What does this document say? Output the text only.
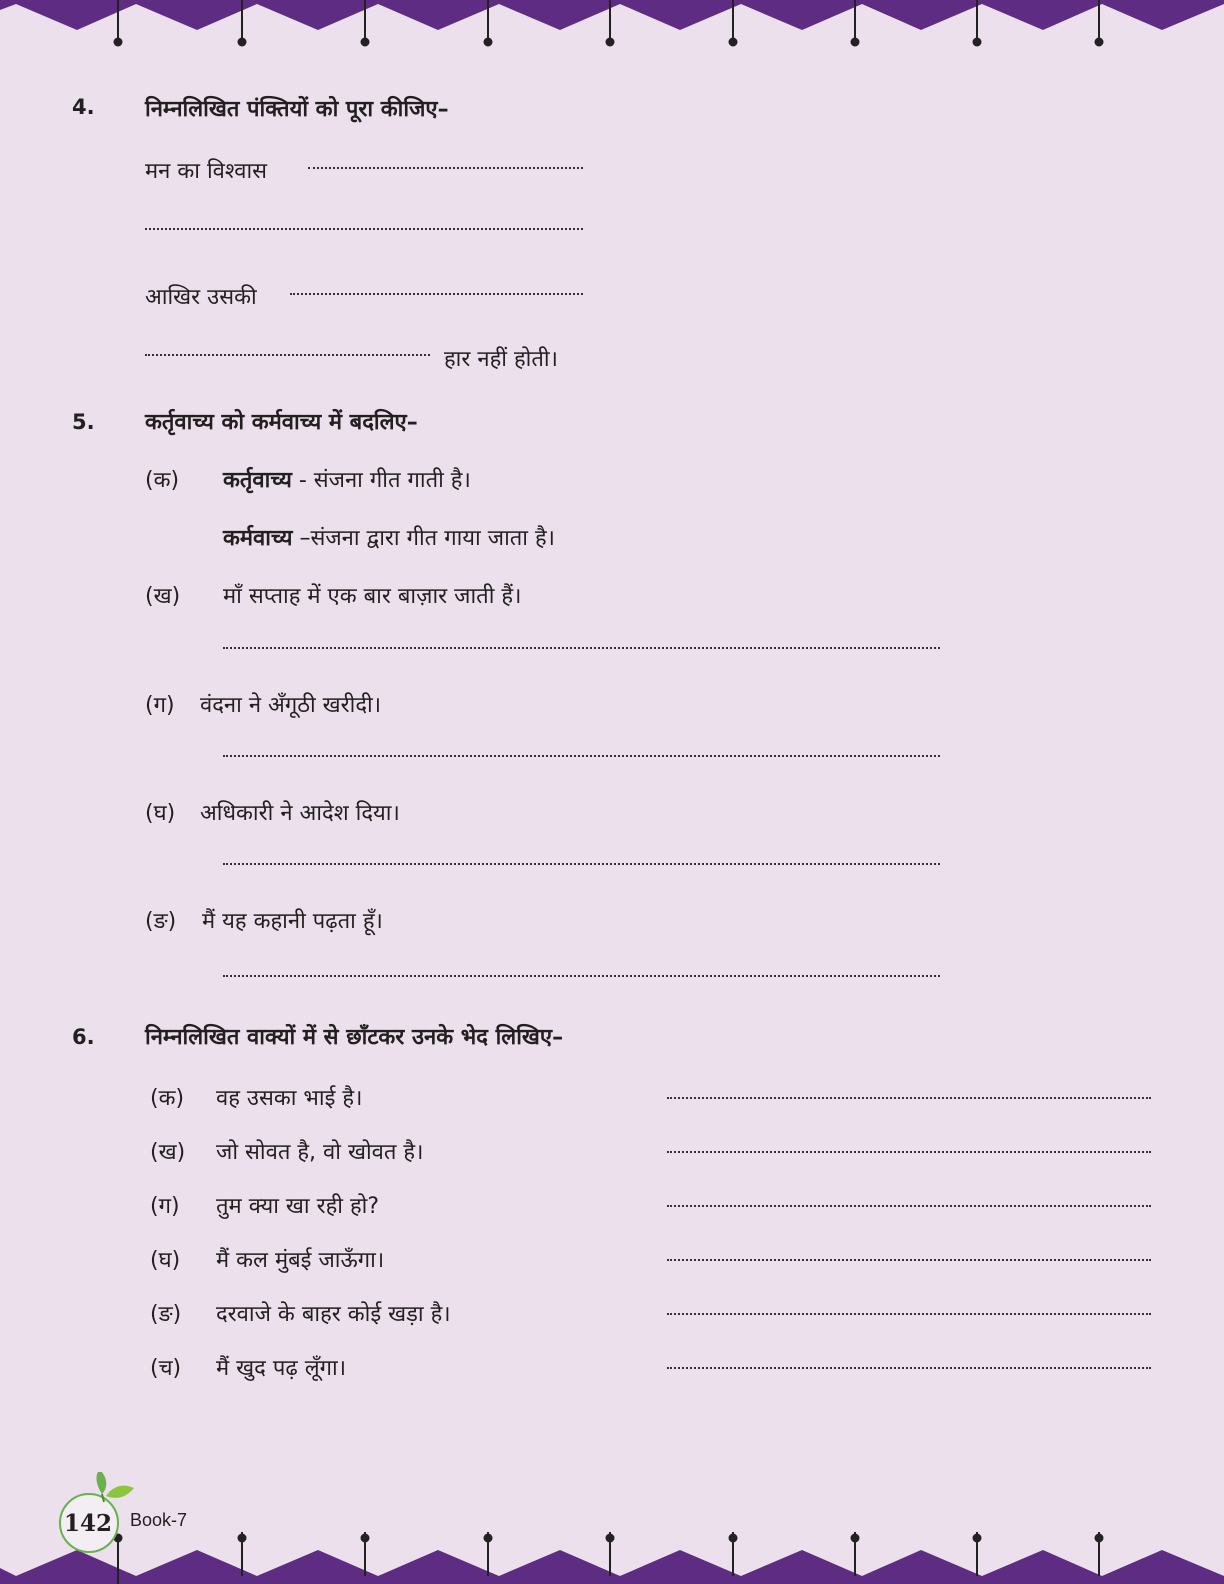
4. निम्नलिखित पंक्तियों को पूरा कीजिए–
मन का विश्वास
आखिर उसकी
हार नहीं होती।
5. कर्तृवाच्य को कर्मवाच्य में बदलिए–
(क) कर्तृवाच्य - संजना गीत गाती है।
कर्मवाच्य –संजना द्वारा गीत गाया जाता है।
(ख) माँ सप्ताह में एक बार बाज़ार जाती हैं।
(ग) वंदना ने अँगूठी खरीदी।
(घ) अधिकारी ने आदेश दिया।
(ङ) मैं यह कहानी पढ़ता हूँ।
6. निम्नलिखित वाक्यों में से छाँटकर उनके भेद लिखिए–
(क) वह उसका भाई है।
(ख) जो सोवत है, वो खोवत है।
(ग) तुम क्या खा रही हो?
(घ) मैं कल मुंबई जाऊँगा।
(ङ) दरवाजे के बाहर कोई खड़ा है।
(च) मैं खुद पढ़ लूँगा।
142 Book-7
